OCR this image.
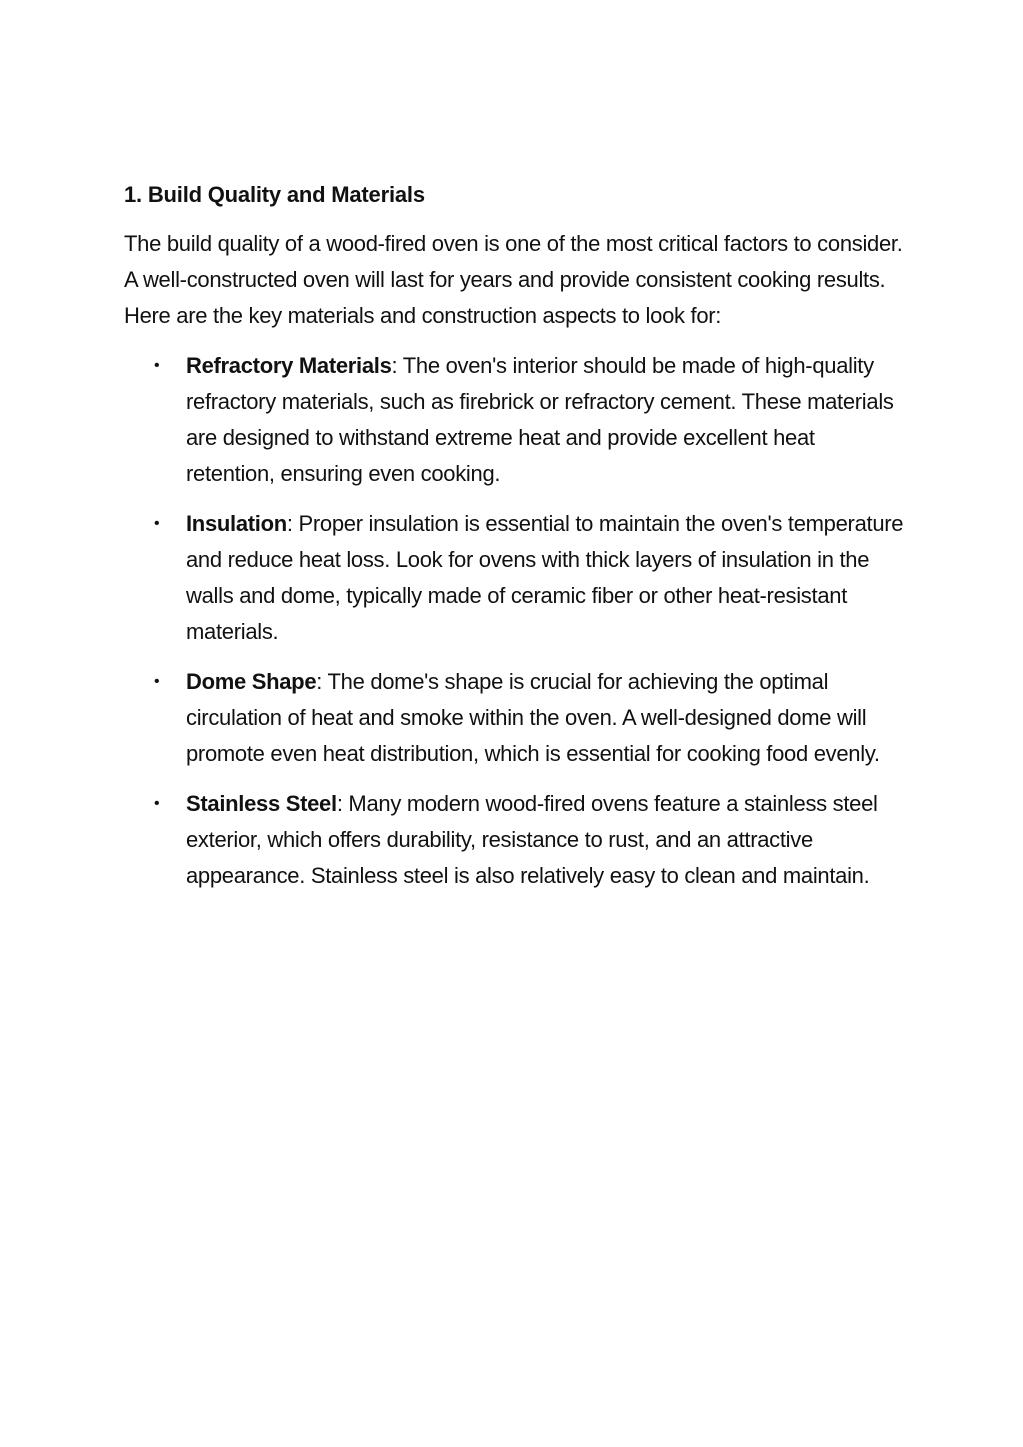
1. Build Quality and Materials

The build quality of a wood-fired oven is one of the most critical factors to consider. A well-constructed oven will last for years and provide consistent cooking results. Here are the key materials and construction aspects to look for:

• Refractory Materials: The oven's interior should be made of high-quality refractory materials, such as firebrick or refractory cement. These materials are designed to withstand extreme heat and provide excellent heat retention, ensuring even cooking.
• Insulation: Proper insulation is essential to maintain the oven's temperature and reduce heat loss. Look for ovens with thick layers of insulation in the walls and dome, typically made of ceramic fiber or other heat-resistant materials.
• Dome Shape: The dome's shape is crucial for achieving the optimal circulation of heat and smoke within the oven. A well-designed dome will promote even heat distribution, which is essential for cooking food evenly.
• Stainless Steel: Many modern wood-fired ovens feature a stainless steel exterior, which offers durability, resistance to rust, and an attractive appearance. Stainless steel is also relatively easy to clean and maintain.
